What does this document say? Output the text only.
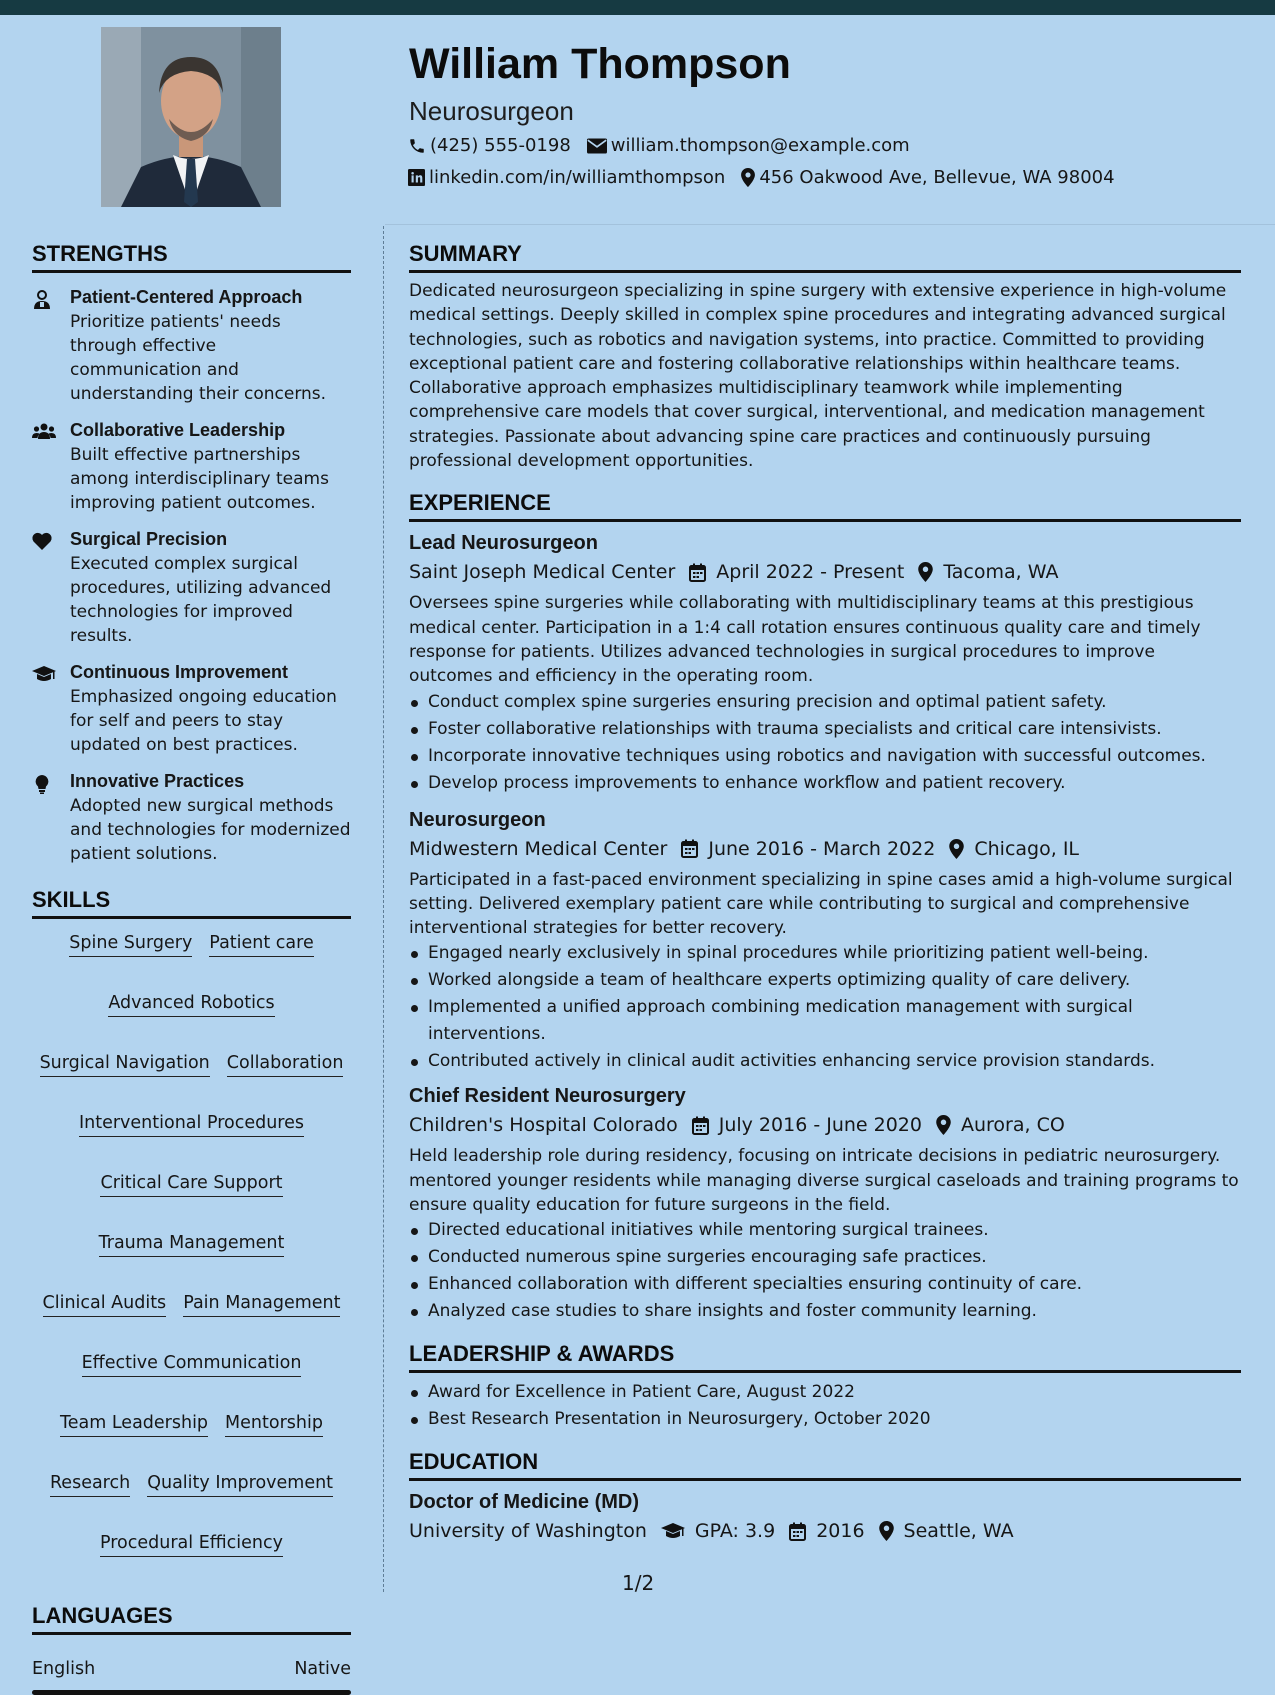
William Thompson
Neurosurgeon
(425) 555-0198 william.thompson@example.com
linkedin.com/in/williamthompson 456 Oakwood Ave, Bellevue, WA 98004
STRENGTHS
Patient-Centered Approach
Prioritize patients' needs through effective communication and understanding their concerns.
Collaborative Leadership
Built effective partnerships among interdisciplinary teams improving patient outcomes.
Surgical Precision
Executed complex surgical procedures, utilizing advanced technologies for improved results.
Continuous Improvement
Emphasized ongoing education for self and peers to stay updated on best practices.
Innovative Practices
Adopted new surgical methods and technologies for modernized patient solutions.
SKILLS
Spine Surgery Patient care
Advanced Robotics
Surgical Navigation Collaboration
Interventional Procedures
Critical Care Support
Trauma Management
Clinical Audits Pain Management
Effective Communication
Team Leadership Mentorship
Research Quality Improvement
Procedural Efficiency
LANGUAGES
English	Native
SUMMARY

Dedicated neurosurgeon specializing in spine surgery with extensive experience in high-volume medical settings. Deeply skilled in complex spine procedures and integrating advanced surgical technologies, such as robotics and navigation systems, into practice. Committed to providing exceptional patient care and fostering collaborative relationships within healthcare teams. Collaborative approach emphasizes multidisciplinary teamwork while implementing comprehensive care models that cover surgical, interventional, and medication management strategies. Passionate about advancing spine care practices and continuously pursuing professional development opportunities.

EXPERIENCE
Lead Neurosurgeon
Saint Joseph Medical Center April 2022 - Present Tacoma, WA

Oversees spine surgeries while collaborating with multidisciplinary teams at this prestigious medical center. Participation in a 1:4 call rotation ensures continuous quality care and timely response for patients. Utilizes advanced technologies in surgical procedures to improve outcomes and efficiency in the operating room.

Conduct complex spine surgeries ensuring precision and optimal patient safety.
Foster collaborative relationships with trauma specialists and critical care intensivists.
Incorporate innovative techniques using robotics and navigation with successful outcomes.
Develop process improvements to enhance workflow and patient recovery.
Neurosurgeon
Midwestern Medical Center June 2016 - March 2022 Chicago, IL

Participated in a fast-paced environment specializing in spine cases amid a high-volume surgical setting. Delivered exemplary patient care while contributing to surgical and comprehensive interventional strategies for better recovery.

Engaged nearly exclusively in spinal procedures while prioritizing patient well-being.
Worked alongside a team of healthcare experts optimizing quality of care delivery.
Implemented a unified approach combining medication management with surgical interventions.
Contributed actively in clinical audit activities enhancing service provision standards.
Chief Resident Neurosurgery
Children's Hospital Colorado July 2016 - June 2020 Aurora, CO

Held leadership role during residency, focusing on intricate decisions in pediatric neurosurgery. mentored younger residents while managing diverse surgical caseloads and training programs to ensure quality education for future surgeons in the field.

Directed educational initiatives while mentoring surgical trainees.
Conducted numerous spine surgeries encouraging safe practices.
Enhanced collaboration with different specialties ensuring continuity of care.
Analyzed case studies to share insights and foster community learning.
LEADERSHIP & AWARDS
Award for Excellence in Patient Care, August 2022
Best Research Presentation in Neurosurgery, October 2020
EDUCATION
Doctor of Medicine (MD)
University of Washington	GPA: 3.9 2016 Seattle, WA
1/2
